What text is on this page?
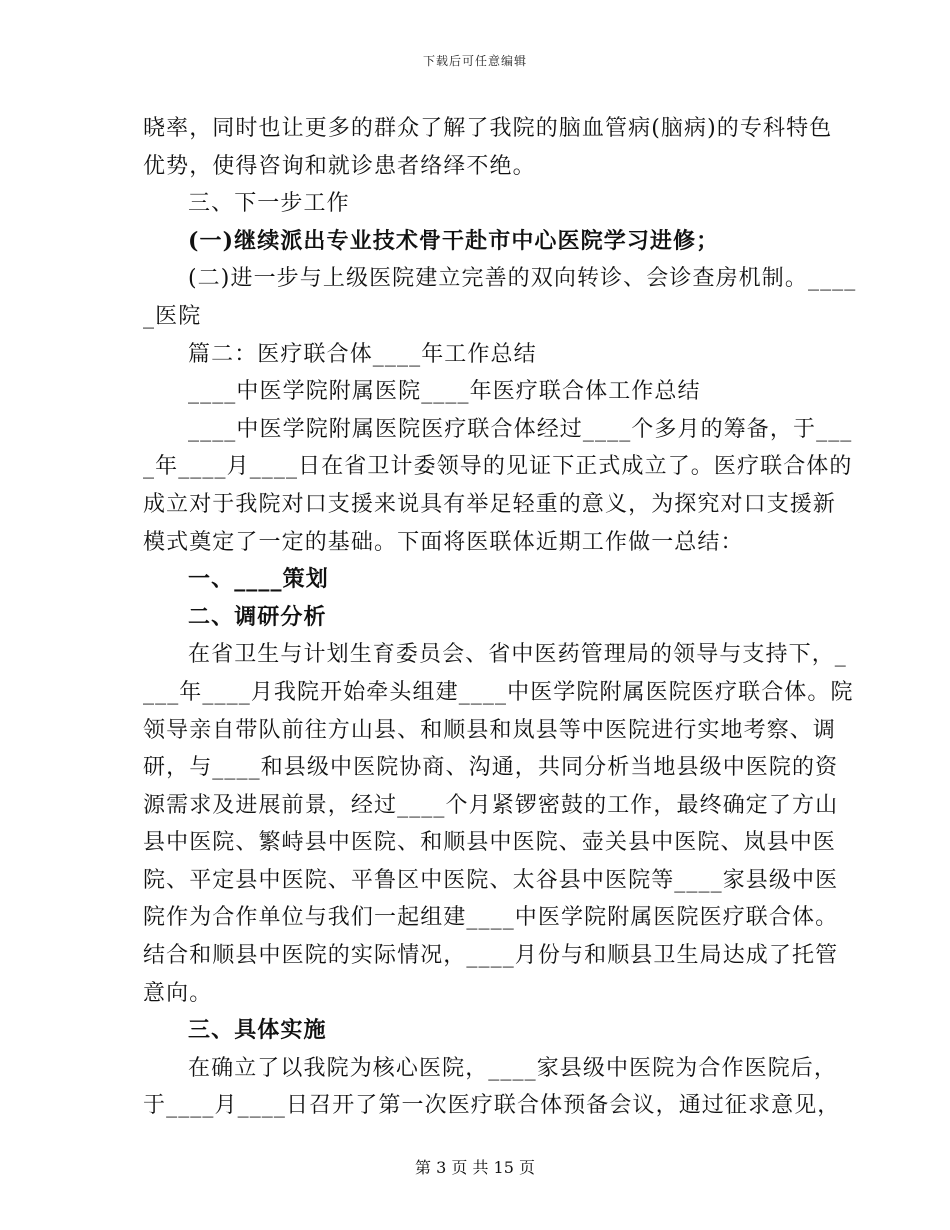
下载后可任意编辑
晓率，同时也让更多的群众了解了我院的脑血管病(脑病)的专科特色
优势，使得咨询和就诊患者络绎不绝。
三、下一步工作
(一)继续派出专业技术骨干赴市中心医院学习进修；
(二)进一步与上级医院建立完善的双向转诊、会诊查房机制。____
_医院
篇二：医疗联合体____年工作总结
____中医学院附属医院____年医疗联合体工作总结
____中医学院附属医院医疗联合体经过____个多月的筹备，于___
_年____月____日在省卫计委领导的见证下正式成立了。医疗联合体的
成立对于我院对口支援来说具有举足轻重的意义，为探究对口支援新
模式奠定了一定的基础。下面将医联体近期工作做一总结：
一、____策划
二、调研分析
在省卫生与计划生育委员会、省中医药管理局的领导与支持下，_
___年____月我院开始牵头组建____中医学院附属医院医疗联合体。院
领导亲自带队前往方山县、和顺县和岚县等中医院进行实地考察、调
研，与____和县级中医院协商、沟通，共同分析当地县级中医院的资
源需求及进展前景，经过____个月紧锣密鼓的工作，最终确定了方山
县中医院、繁峙县中医院、和顺县中医院、壶关县中医院、岚县中医
院、平定县中医院、平鲁区中医院、太谷县中医院等____家县级中医
院作为合作单位与我们一起组建____中医学院附属医院医疗联合体。
结合和顺县中医院的实际情况，____月份与和顺县卫生局达成了托管
意向。
三、具体实施
在确立了以我院为核心医院，____家县级中医院为合作医院后，
于____月____日召开了第一次医疗联合体预备会议，通过征求意见，
第 3 页 共 15 页
